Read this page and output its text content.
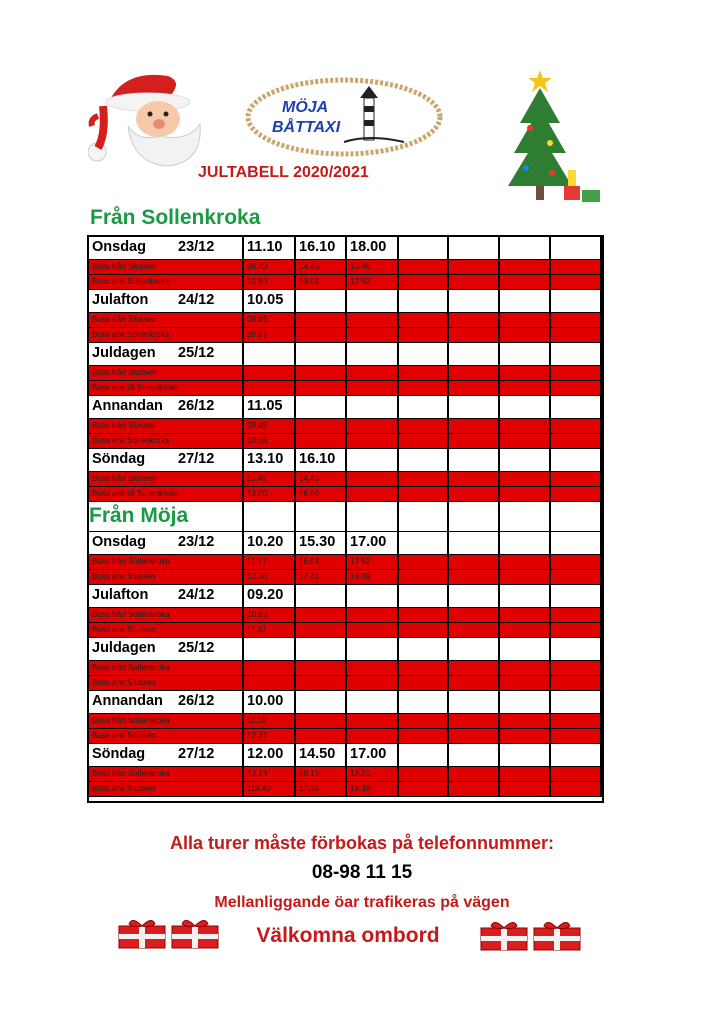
MÖJA
BÅTTAXI
JULTABELL 2020/2021
Från Sollenkroka
Onsdag 23/12	11.10	16.10	18.00
Buss från Slussen	09.48	14.45	16.46
Buss ank Sollenkroka	10.59	13.01	17.52
Julafton 24/12	10.05
Buss från Slussen	08.46
Buss ank Sollenkroka	09.57
Juldagen 25/12
Buss från Slussen
Buss ank till Sollenkroka
Annandan 26/12	11.05
Buss från Slussen	09.45
Buss ank Sollenkroka	10.58
Söndag 27/12	13.10	16.10
Buss från Slussen	11.45	14.45
Buss ank till Sollenkroka	13.00	16.00
Från Möja
Onsdag 23/12	10.20	15.30	17.00
Buss från Sollenkroka	11.17	16.03	17.52
Buss ank Slussen	12.36	17.41	19.09
Julafton 24/12	09.20
Buss från Sollenkroka	10.15
Buss ank Slussen	11.37
Juldagen 25/12
Buss från Sollenkroka
Buss ank Slussen
Annandan 26/12	10.00
Buss från Sollenkroka	11.15
Buss ank Slussen	12.37
Söndag 27/12	12.00	14.50	17.00
Buss från Sollenkroka	13.18	16.15	18.21
Buss ank Slussen	114.40	17.35	19.38
Alla turer måste förbokas på telefonnummer:
08-98 11 15
Mellanliggande öar trafikeras på vägen
Välkomna ombord
